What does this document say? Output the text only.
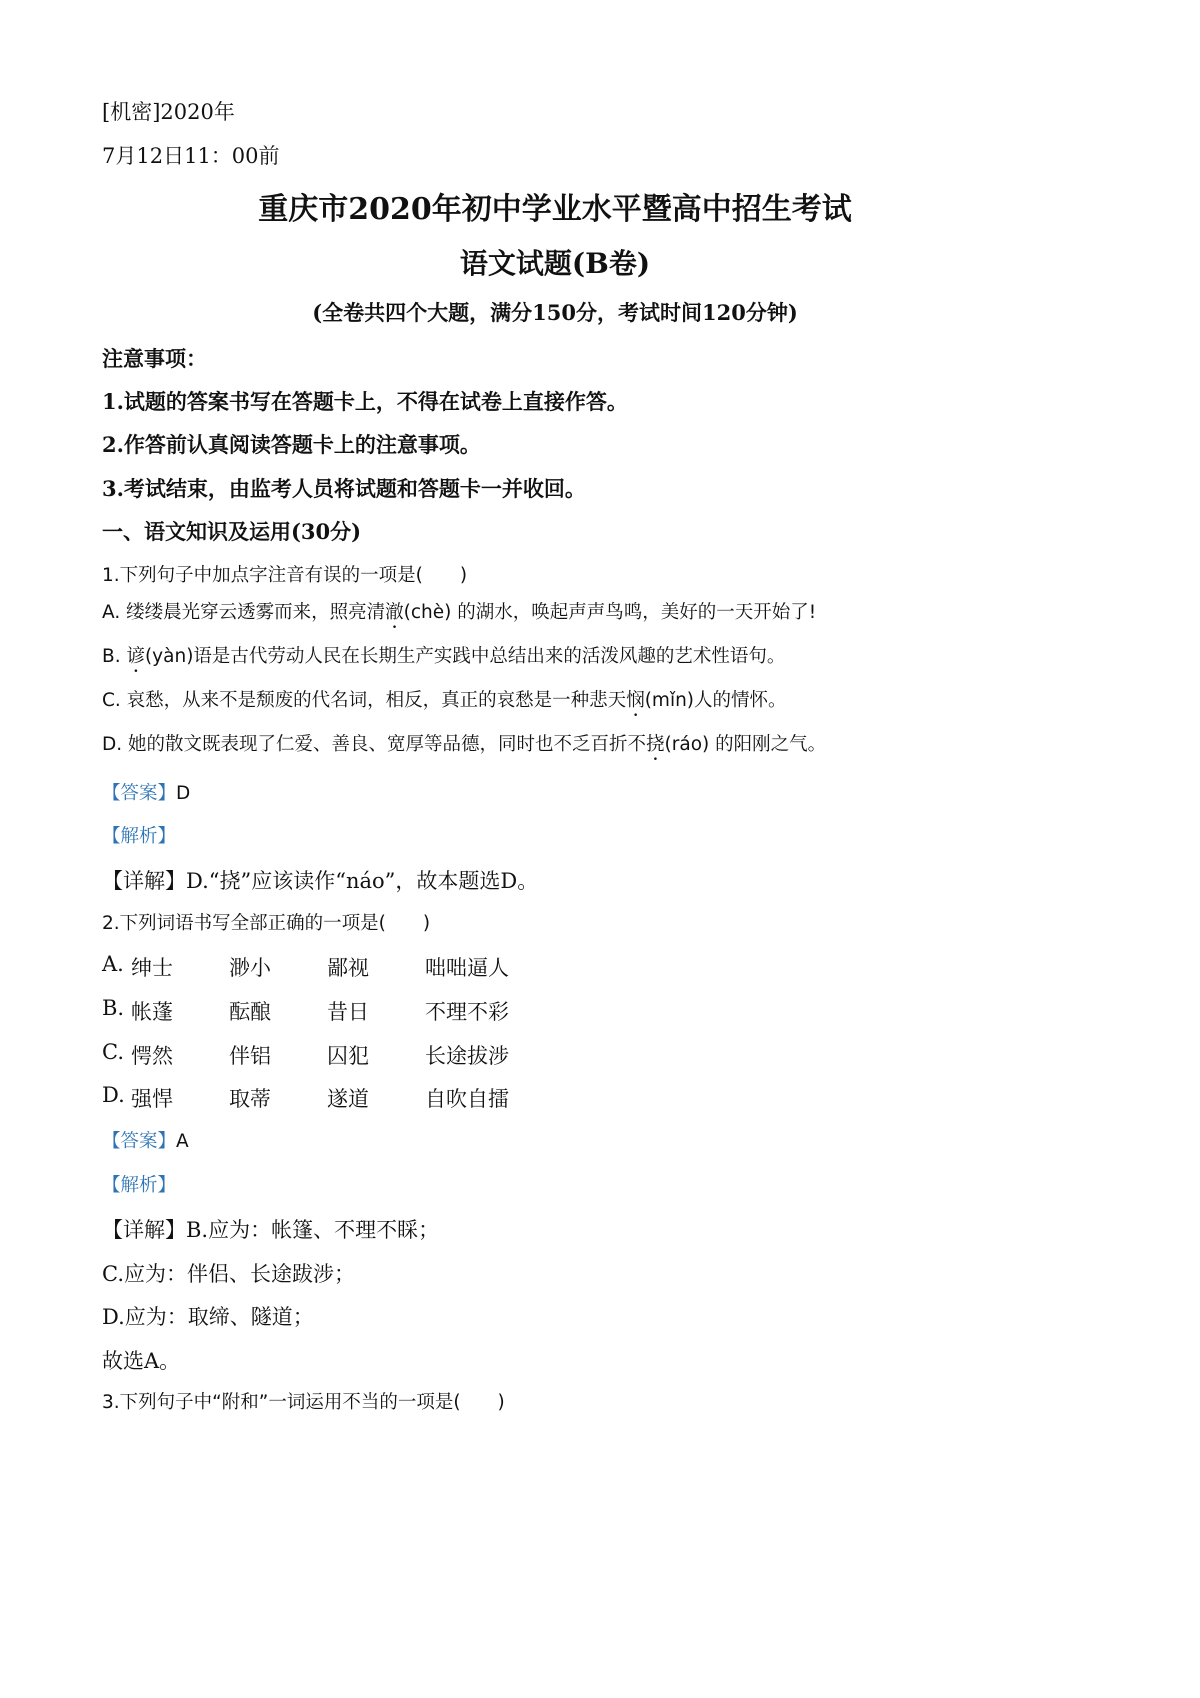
[机密]2020年
7月12日11：00前
重庆市2020年初中学业水平暨高中招生考试
语文试题(B卷)
(全卷共四个大题，满分150分，考试时间120分钟)
注意事项：
1.试题的答案书写在答题卡上，不得在试卷上直接作答。
2.作答前认真阅读答题卡上的注意事项。
3.考试结束，由监考人员将试题和答题卡一并收回。
一、语文知识及运用(30分)
1.下列句子中加点字注音有误的一项是(　　)
A. 缕缕晨光穿云透雾而来，照亮清澈(chè) 的湖水，唤起声声鸟鸣，美好的一天开始了!
B. 谚(yàn)语是古代劳动人民在长期生产实践中总结出来的活泼风趣的艺术性语句。
C. 哀愁，从来不是颓废的代名词，相反，真正的哀愁是一种悲天悯(mǐn)人的情怀。
D. 她的散文既表现了仁爱、善良、宽厚等品德，同时也不乏百折不挠(ráo) 的阳刚之气。
【答案】D
【解析】
【详解】D.“挠”应该读作“náo”，故本题选D。
2.下列词语书写全部正确的一项是(　　)
A. 绅士	渺小	鄙视	咄咄逼人
B. 帐蓬	酝酿	昔日	不理不彩
C. 愕然	伴铝	囚犯	长途拔涉
D. 强悍	取蒂	遂道	自吹自擂
【答案】A
【解析】
【详解】B.应为：帐篷、不理不睬；
C.应为：伴侣、长途跋涉；
D.应为：取缔、隧道；
故选A。
3.下列句子中“附和”一词运用不当的一项是(　　)
